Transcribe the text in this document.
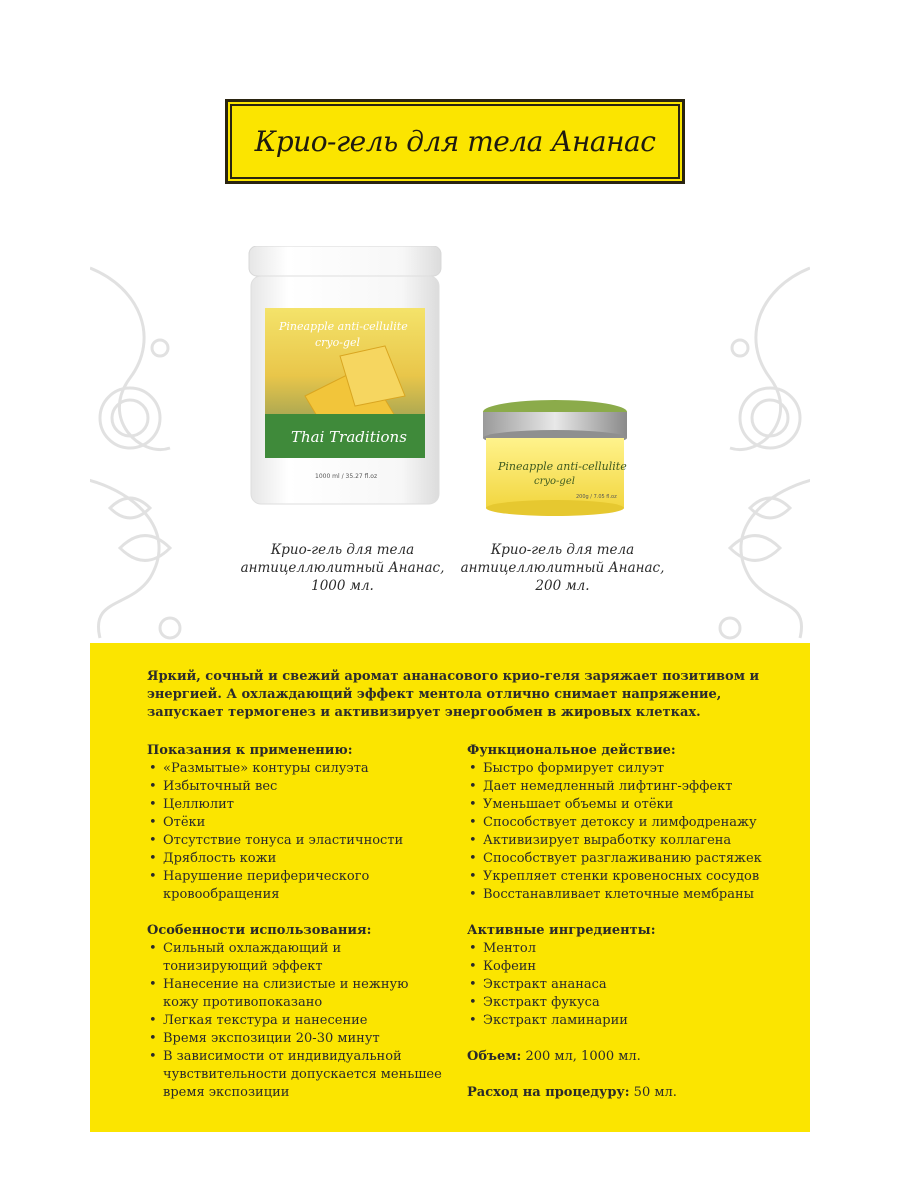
Крио-гель для тела Ананас
Pineapple anti-cellulite
cryo-gel
Thai Traditions
1000 ml / 35.27 fl.oz
Pineapple anti-cellulite
cryo-gel
200g / 7.05 fl.oz
Крио-гель для тела
антицеллюлитный Ананас,
1000 мл.
Крио-гель для тела
антицеллюлитный Ананас,
200 мл.

Яркий, сочный и свежий аромат ананасового крио-геля заряжает позитивом и энергией. А охлаждающий эффект ментола отлично снимает напряжение, запускает термогенез и активизирует энергообмен в жировых клетках.

Показания к применению:

• «Размытые» контуры силуэта
• Избыточный вес
• Целлюлит
• Отёки
• Отсутствие тонуса и эластичности
• Дряблость кожи
• Нарушение периферического кровообращения

Особенности использования:

• Сильный охлаждающий и тонизирующий эффект
• Нанесение на слизистые и нежную кожу противопоказано
• Легкая текстура и нанесение
• Время экспозиции 20-30 минут
• В зависимости от индивидуальной чувствительности допускается меньшее время экспозиции

Функциональное действие:

• Быстро формирует силуэт
• Дает немедленный лифтинг-эффект
• Уменьшает объемы и отёки
• Способствует детоксу и лимфодренажу
• Активизирует выработку коллагена
• Способствует разглаживанию растяжек
• Укрепляет стенки кровеносных сосудов
• Восстанавливает клеточные мембраны

Активные ингредиенты:

• Ментол
• Кофеин
• Экстракт ананаса
• Экстракт фукуса
• Экстракт ламинарии

Объем: 200 мл, 1000 мл.

Расход на процедуру: 50 мл.
